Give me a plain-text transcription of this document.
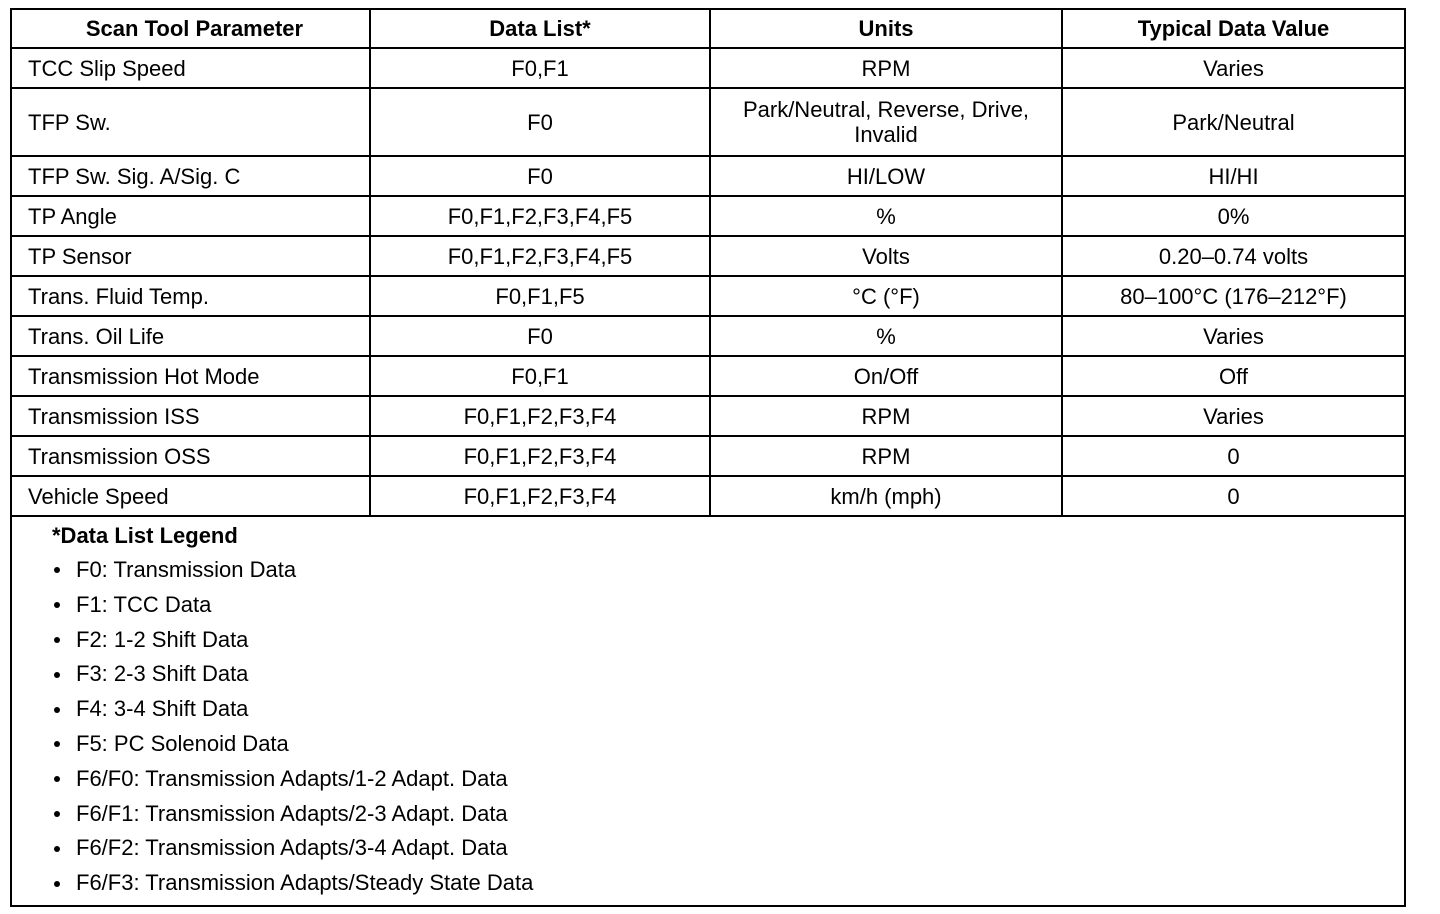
Scan Tool Parameter	Data List*	Units	Typical Data Value
TCC Slip Speed	F0,F1	RPM	Varies
TFP Sw.	F0	Park/Neutral, Reverse, Drive, Invalid	Park/Neutral
TFP Sw. Sig. A/Sig. C	F0	HI/LOW	HI/HI
TP Angle	F0,F1,F2,F3,F4,F5	%	0%
TP Sensor	F0,F1,F2,F3,F4,F5	Volts	0.20–0.74 volts
Trans. Fluid Temp.	F0,F1,F5	°C (°F)	80–100°C (176–212°F)
Trans. Oil Life	F0	%	Varies
Transmission Hot Mode	F0,F1	On/Off	Off
Transmission ISS	F0,F1,F2,F3,F4	RPM	Varies
Transmission OSS	F0,F1,F2,F3,F4	RPM	0
Vehicle Speed	F0,F1,F2,F3,F4	km/h (mph)	0
*Data List Legend
F0: Transmission Data
F1: TCC Data
F2: 1-2 Shift Data
F3: 2-3 Shift Data
F4: 3-4 Shift Data
F5: PC Solenoid Data
F6/F0: Transmission Adapts/1-2 Adapt. Data
F6/F1: Transmission Adapts/2-3 Adapt. Data
F6/F2: Transmission Adapts/3-4 Adapt. Data
F6/F3: Transmission Adapts/Steady State Data
